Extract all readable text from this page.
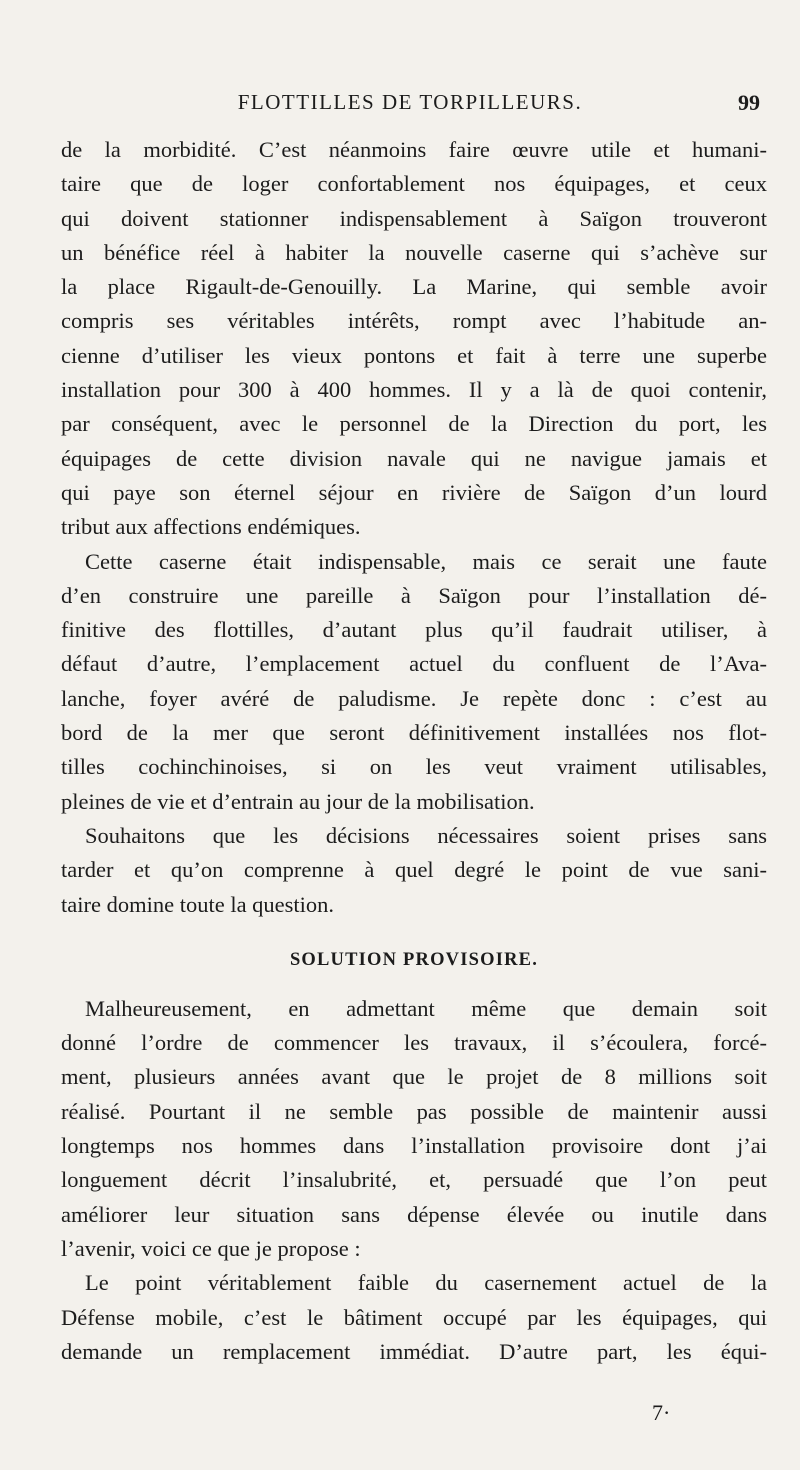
FLOTTILLES DE TORPILLEURS.	99
de la morbidité. C’est néanmoins faire œuvre utile et humani-
taire que de loger confortablement nos équipages, et ceux
qui doivent stationner indispensablement à Saïgon trouveront
un bénéfice réel à habiter la nouvelle caserne qui s’achève sur
la place Rigault-de-Genouilly. La Marine, qui semble avoir
compris ses véritables intérêts, rompt avec l’habitude an-
cienne d’utiliser les vieux pontons et fait à terre une superbe
installation pour 300 à 400 hommes. Il y a là de quoi contenir,
par conséquent, avec le personnel de la Direction du port, les
équipages de cette division navale qui ne navigue jamais et
qui paye son éternel séjour en rivière de Saïgon d’un lourd
tribut aux affections endémiques.
Cette caserne était indispensable, mais ce serait une faute
d’en construire une pareille à Saïgon pour l’installation dé-
finitive des flottilles, d’autant plus qu’il faudrait utiliser, à
défaut d’autre, l’emplacement actuel du confluent de l’Ava-
lanche, foyer avéré de paludisme. Je repète donc : c’est au
bord de la mer que seront définitivement installées nos flot-
tilles cochinchinoises, si on les veut vraiment utilisables,
pleines de vie et d’entrain au jour de la mobilisation.
Souhaitons que les décisions nécessaires soient prises sans
tarder et qu’on comprenne à quel degré le point de vue sani-
taire domine toute la question.
SOLUTION PROVISOIRE.
Malheureusement, en admettant même que demain soit
donné l’ordre de commencer les travaux, il s’écoulera, forcé-
ment, plusieurs années avant que le projet de 8 millions soit
réalisé. Pourtant il ne semble pas possible de maintenir aussi
longtemps nos hommes dans l’installation provisoire dont j’ai
longuement décrit l’insalubrité, et, persuadé que l’on peut
améliorer leur situation sans dépense élevée ou inutile dans
l’avenir, voici ce que je propose :
Le point véritablement faible du casernement actuel de la
Défense mobile, c’est le bâtiment occupé par les équipages, qui
demande un remplacement immédiat. D’autre part, les équi-
7·
